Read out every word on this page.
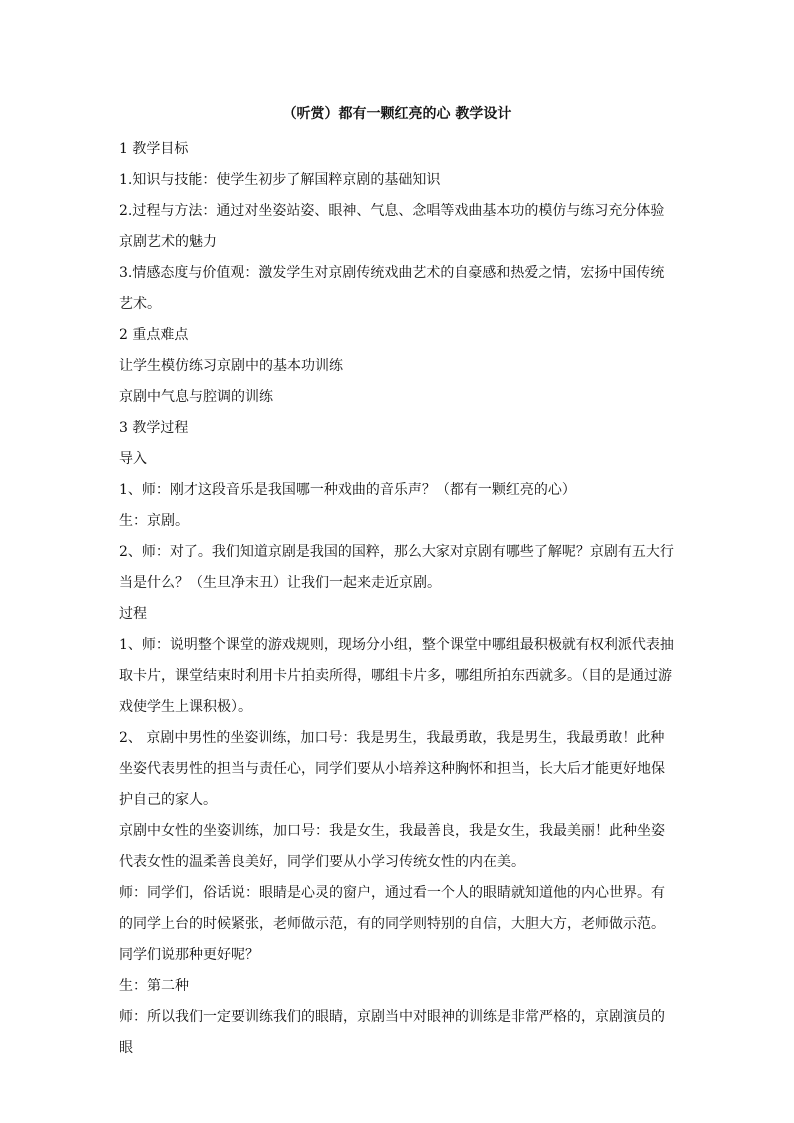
（听赏）都有一颗红亮的心 教学设计

1 教学目标

1.知识与技能：使学生初步了解国粹京剧的基础知识

2.过程与方法：通过对坐姿站姿、眼神、气息、念唱等戏曲基本功的模仿与练习充分体验京剧艺术的魅力

3.情感态度与价值观：激发学生对京剧传统戏曲艺术的自豪感和热爱之情，宏扬中国传统艺术。

2 重点难点

让学生模仿练习京剧中的基本功训练

京剧中气息与腔调的训练

3 教学过程

导入

1、师：刚才这段音乐是我国哪一种戏曲的音乐声？（都有一颗红亮的心）

生：京剧。

2、师：对了。我们知道京剧是我国的国粹，那么大家对京剧有哪些了解呢？京剧有五大行当是什么？（生旦净末丑）让我们一起来走近京剧。

过程

1、师：说明整个课堂的游戏规则，现场分小组，整个课堂中哪组最积极就有权利派代表抽取卡片，课堂结束时利用卡片拍卖所得，哪组卡片多，哪组所拍东西就多。（目的是通过游戏使学生上课积极）。

2、 京剧中男性的坐姿训练，加口号：我是男生，我最勇敢，我是男生，我最勇敢！此种坐姿代表男性的担当与责任心，同学们要从小培养这种胸怀和担当，长大后才能更好地保护自己的家人。

京剧中女性的坐姿训练，加口号：我是女生，我最善良，我是女生，我最美丽！此种坐姿代表女性的温柔善良美好，同学们要从小学习传统女性的内在美。

师：同学们，俗话说：眼睛是心灵的窗户，通过看一个人的眼睛就知道他的内心世界。有的同学上台的时候紧张，老师做示范，有的同学则特别的自信，大胆大方，老师做示范。同学们说那种更好呢？

生：第二种

师：所以我们一定要训练我们的眼睛，京剧当中对眼神的训练是非常严格的，京剧演员的眼
